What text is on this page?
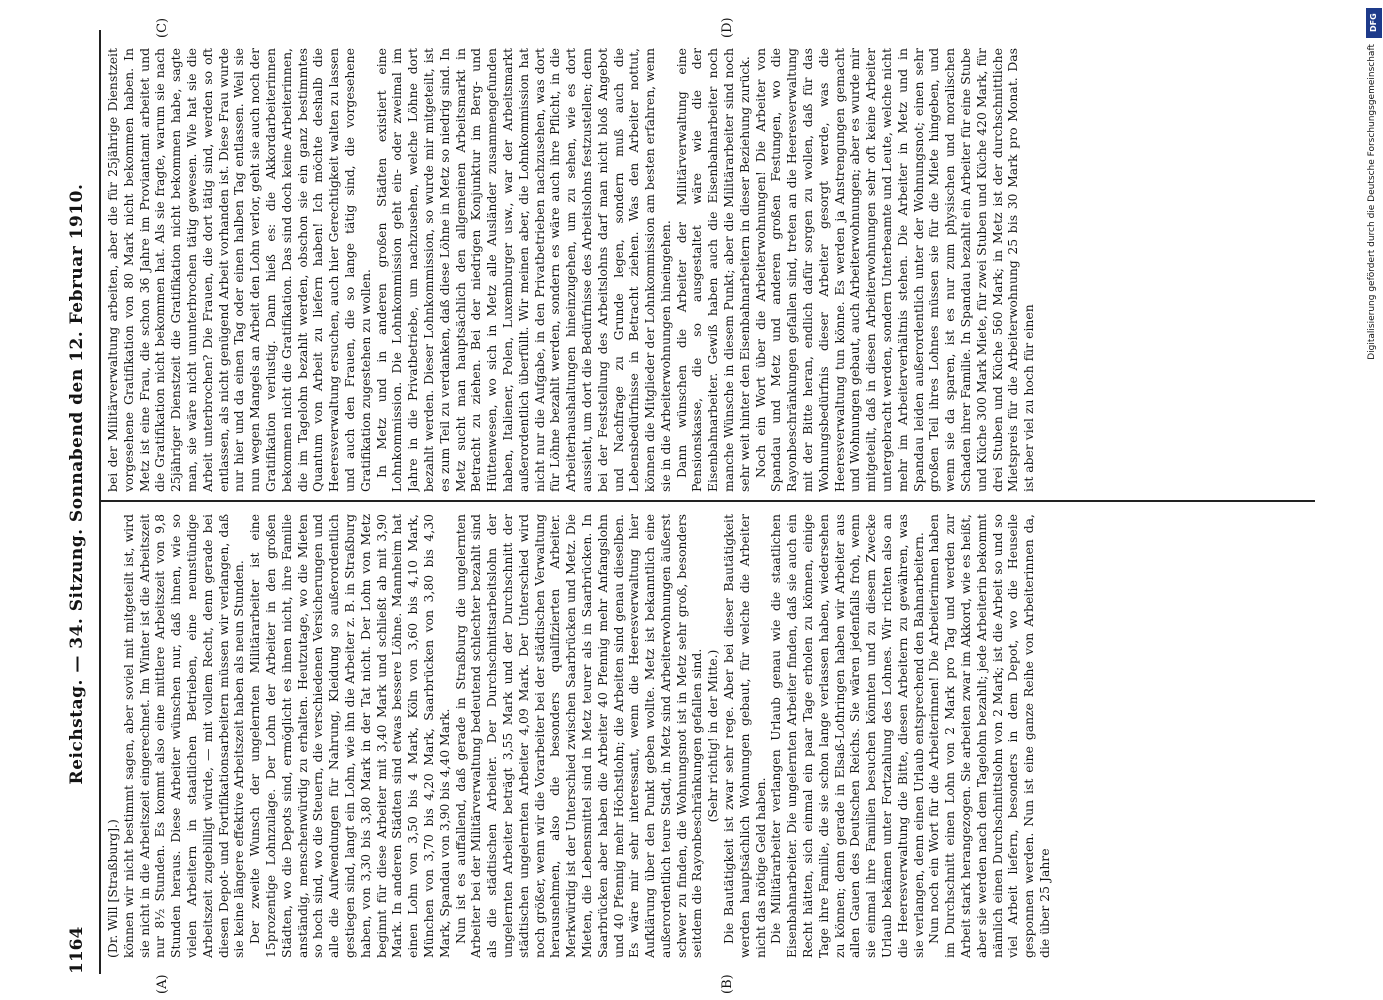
1164
Reichstag. — 34. Sitzung. Sonnabend den 12. Februar 1910.
(A)	(B)
(C)	(D)

(Dr. Will [Straßburg].) können wir nicht bestimmt sagen, aber soviel mit mitgeteilt ist, wird sie nicht in die Arbeitszeit eingerechnet. Im Winter ist die Arbeitszeit nur 8½ Stunden. Es kommt also eine mittlere Arbeitszeit von 9,8 Stunden heraus. Diese Arbeiter wünschen nur, daß ihnen, wie so vielen Arbeitern in staatlichen Betrieben, eine neunstündige Arbeitszeit zugebilligt würde, — mit vollem Recht, denn gerade bei diesen Depot- und Fortifikationsarbeitern müssen wir verlangen, daß sie keine längere effektive Arbeitszeit haben als neun Stunden. Der zweite Wunsch der ungelernten Militärarbeiter ist eine 15prozentige Lohnzulage. Der Lohn der Arbeiter in den großen Städten, wo die Depots sind, ermöglicht es ihnen nicht, ihre Familie anständig, menschenwürdig zu erhalten. Heutzutage, wo die Mieten so hoch sind, wo die Steuern, die verschiedenen Versicherungen und alle die Aufwendungen für Nahrung, Kleidung so außerordentlich gestiegen sind, langt ein Lohn, wie ihn die Arbeiter z. B. in Straßburg haben, von 3,30 bis 3,80 Mark in der Tat nicht. Der Lohn von Metz beginnt für diese Arbeiter mit 3,40 Mark und schließt ab mit 3,90 Mark. In anderen Städten sind etwas bessere Löhne. Mannheim hat einen Lohn von 3,50 bis 4 Mark, Köln von 3,60 bis 4,10 Mark, München von 3,70 bis 4,20 Mark, Saarbrücken von 3,80 bis 4,30 Mark, Spandau von 3,90 bis 4,40 Mark. Nun ist es auffallend, daß gerade in Straßburg die ungelernten Arbeiter bei der Militärverwaltung bedeutend schlechter bezahlt sind als die städtischen Arbeiter. Der Durchschnittsarbeitslohn der ungelernten Arbeiter beträgt 3,55 Mark und der Durchschnitt der städtischen ungelernten Arbeiter 4,09 Mark. Der Unterschied wird noch größer, wenn wir die Vorarbeiter bei der städtischen Verwaltung herausnehmen, also die besonders qualifizierten Arbeiter. Merkwürdig ist der Unterschied zwischen Saarbrücken und Metz. Die Mieten, die Lebensmittel sind in Metz teurer als in Saarbrücken. In Saarbrücken aber haben die Arbeiter 40 Pfennig mehr Anfangslohn und 40 Pfennig mehr Höchstlohn; die Arbeiten sind genau dieselben. Es wäre mir sehr interessant, wenn die Heeresverwaltung hier Aufklärung über den Punkt geben wollte. Metz ist bekanntlich eine außerordentlich teure Stadt, in Metz sind Arbeiterwohnungen äußerst schwer zu finden, die Wohnungsnot ist in Metz sehr groß, besonders seitdem die Rayonbeschränkungen gefallen sind. (Sehr richtig! in der Mitte.) Die Bautätigkeit ist zwar sehr rege. Aber bei dieser Bautätigkeit werden hauptsächlich Wohnungen gebaut, für welche die Arbeiter nicht das nötige Geld haben. Die Militärarbeiter verlangen Urlaub genau wie die staatlichen Eisenbahnarbeiter. Die ungelernten Arbeiter finden, daß sie auch ein Recht hätten, sich einmal ein paar Tage erholen zu können, einige Tage ihre Familie, die sie schon lange verlassen haben, wiedersehen zu können; denn gerade in Elsaß-Lothringen haben wir Arbeiter aus allen Gauen des Deutschen Reichs. Sie wären jedenfalls froh, wenn sie einmal ihre Familien besuchen könnten und zu diesem Zwecke Urlaub bekämen unter Fortzahlung des Lohnes. Wir richten also an die Heeresverwaltung die Bitte, diesen Arbeitern zu gewähren, was sie verlangen, denn einen Urlaub entsprechend den Bahnarbeitern. Nun noch ein Wort für die Arbeiterinnen! Die Arbeiterinnen haben im Durchschnitt einen Lohn von 2 Mark pro Tag und werden zur Arbeit stark herangezogen. Sie arbeiten zwar im Akkord, wie es heißt, aber sie werden nach dem Tagelohn bezahlt; jede Arbeiterin bekommt nämlich einen Durchschnittslohn von 2 Mark; ist die Arbeit so und so viel Arbeit liefern, besonders in dem Depot, wo die Heuseile gesponnen werden. Nun ist eine ganze Reihe von Arbeiterinnen da, die über 25 Jahre

bei der Militärverwaltung arbeiten, aber die für 25jährige Dienstzeit vorgesehene Gratifikation von 80 Mark nicht bekommen haben. In Metz ist eine Frau, die schon 36 Jahre im Proviantamt arbeitet und die Gratifikation nicht bekommen hat. Als sie fragte, warum sie nach 25jähriger Dienstzeit die Gratifikation nicht bekommen habe, sagte man, sie wäre nicht ununterbrochen tätig gewesen. Wie hat sie die Arbeit unterbrochen? Die Frauen, die dort tätig sind, werden so oft entlassen, als nicht genügend Arbeit vorhanden ist. Diese Frau wurde nur hier und da einen Tag oder einen halben Tag entlassen. Weil sie nun wegen Mangels an Arbeit den Lohn verlor, geht sie auch noch der Gratifikation verlustig. Dann hieß es: die Akkordarbeiterinnen bekommen nicht die Gratifikation. Das sind doch keine Arbeiterinnen, die im Tagelohn bezahlt werden, obschon sie ein ganz bestimmtes Quantum von Arbeit zu liefern haben! Ich möchte deshalb die Heeresverwaltung ersuchen, auch hier Gerechtigkeit walten zu lassen und auch den Frauen, die so lange tätig sind, die vorgesehene Gratifikation zugestehen zu wollen. In Metz und in anderen großen Städten existiert eine Lohnkommission. Die Lohnkommission geht ein- oder zweimal im Jahre in die Privatbetriebe, um nachzusehen, welche Löhne dort bezahlt werden. Dieser Lohnkommission, so wurde mir mitgeteilt, ist es zum Teil zu verdanken, daß diese Löhne in Metz so niedrig sind. In Metz sucht man hauptsächlich den allgemeinen Arbeitsmarkt in Betracht zu ziehen. Bei der niedrigen Konjunktur im Berg- und Hüttenwesen, wo sich in Metz alle Ausländer zusammengefunden haben, Italiener, Polen, Luxemburger usw., war der Arbeitsmarkt außerordentlich überfüllt. Wir meinen aber, die Lohnkommission hat nicht nur die Aufgabe, in den Privatbetrieben nachzusehen, was dort für Löhne bezahlt werden, sondern es wäre auch ihre Pflicht, in die Arbeiterhaushaltungen hineinzugehen, um zu sehen, wie es dort aussieht, um dort die Bedürfnisse des Arbeitslohns festzustellen; denn bei der Feststellung des Arbeitslohns darf man nicht bloß Angebot und Nachfrage zu Grunde legen, sondern muß auch die Lebensbedürfnisse in Betracht ziehen. Was den Arbeiter nottut, können die Mitglieder der Lohnkommission am besten erfahren, wenn sie in die Arbeiterwohnungen hineingehen. Dann wünschen die Arbeiter der Militärverwaltung eine Pensionskasse, die so ausgestaltet wäre wie die der Eisenbahnarbeiter. Gewiß haben auch die Eisenbahnarbeiter noch manche Wünsche in diesem Punkt; aber die Militärarbeiter sind noch sehr weit hinter den Eisenbahnarbeitern in dieser Beziehung zurück. Noch ein Wort über die Arbeiterwohnungen! Die Arbeiter von Spandau und Metz und anderen großen Festungen, wo die Rayonbeschränkungen gefallen sind, treten an die Heeresverwaltung mit der Bitte heran, endlich dafür sorgen zu wollen, daß für das Wohnungsbedürfnis dieser Arbeiter gesorgt werde, was die Heeresverwaltung tun könne. Es werden ja Anstrengungen gemacht und Wohnungen gebaut, auch Arbeiterwohnungen; aber es wurde mir mitgeteilt, daß in diesen Arbeiterwohnungen sehr oft keine Arbeiter untergebracht werden, sondern Unterbeamte und Leute, welche nicht mehr im Arbeiterverhältnis stehen. Die Arbeiter in Metz und in Spandau leiden außerordentlich unter der Wohnungsnot; einen sehr großen Teil ihres Lohnes müssen sie für die Miete hingeben, und wenn sie da sparen, ist es nur zum physischen und moralischen Schaden ihrer Familie. In Spandau bezahlt ein Arbeiter für eine Stube und Küche 300 Mark Miete, für zwei Stuben und Küche 420 Mark, für drei Stuben und Küche 560 Mark; in Metz ist der durchschnittliche Mietspreis für die Arbeiterwohnung 25 bis 30 Mark pro Monat. Das ist aber viel zu hoch für einen

DFG
Digitalisierung gefördert durch die Deutsche Forschungsgemeinschaft
